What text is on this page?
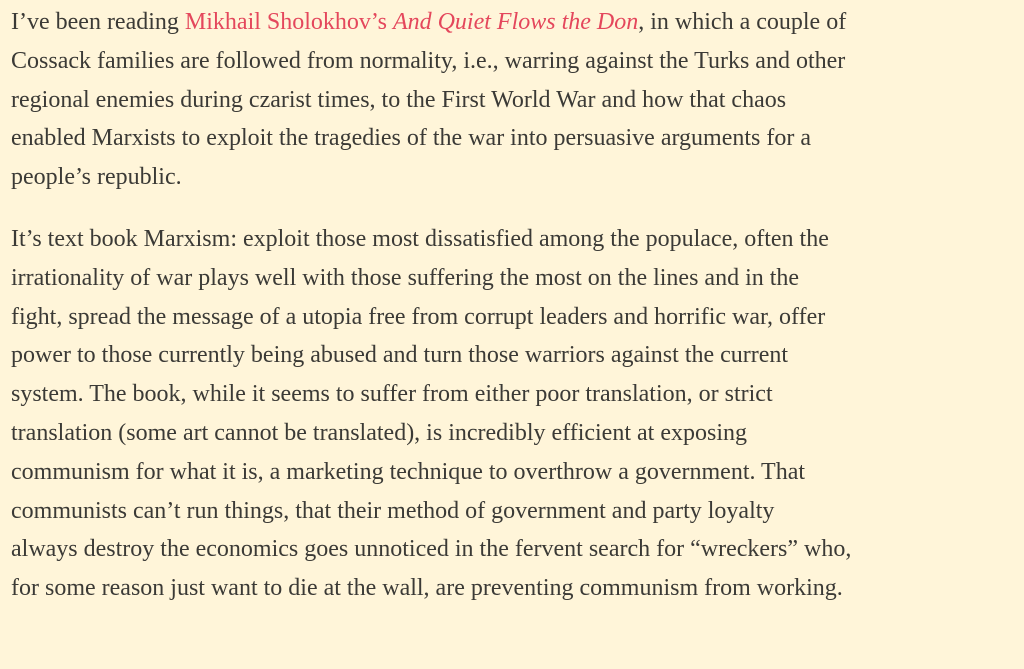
I’ve been reading Mikhail Sholokhov’s And Quiet Flows the Don, in which a couple of
Cossack families are followed from normality, i.e., warring against the Turks and other
regional enemies during czarist times, to the First World War and how that chaos
enabled Marxists to exploit the tragedies of the war into persuasive arguments for a
people’s republic.

It’s text book Marxism: exploit those most dissatisfied among the populace, often the
irrationality of war plays well with those suffering the most on the lines and in the
fight, spread the message of a utopia free from corrupt leaders and horrific war, offer
power to those currently being abused and turn those warriors against the current
system. The book, while it seems to suffer from either poor translation, or strict
translation (some art cannot be translated), is incredibly efficient at exposing
communism for what it is, a marketing technique to overthrow a government. That
communists can’t run things, that their method of government and party loyalty
always destroy the economics goes unnoticed in the fervent search for “wreckers” who,
for some reason just want to die at the wall, are preventing communism from working.
